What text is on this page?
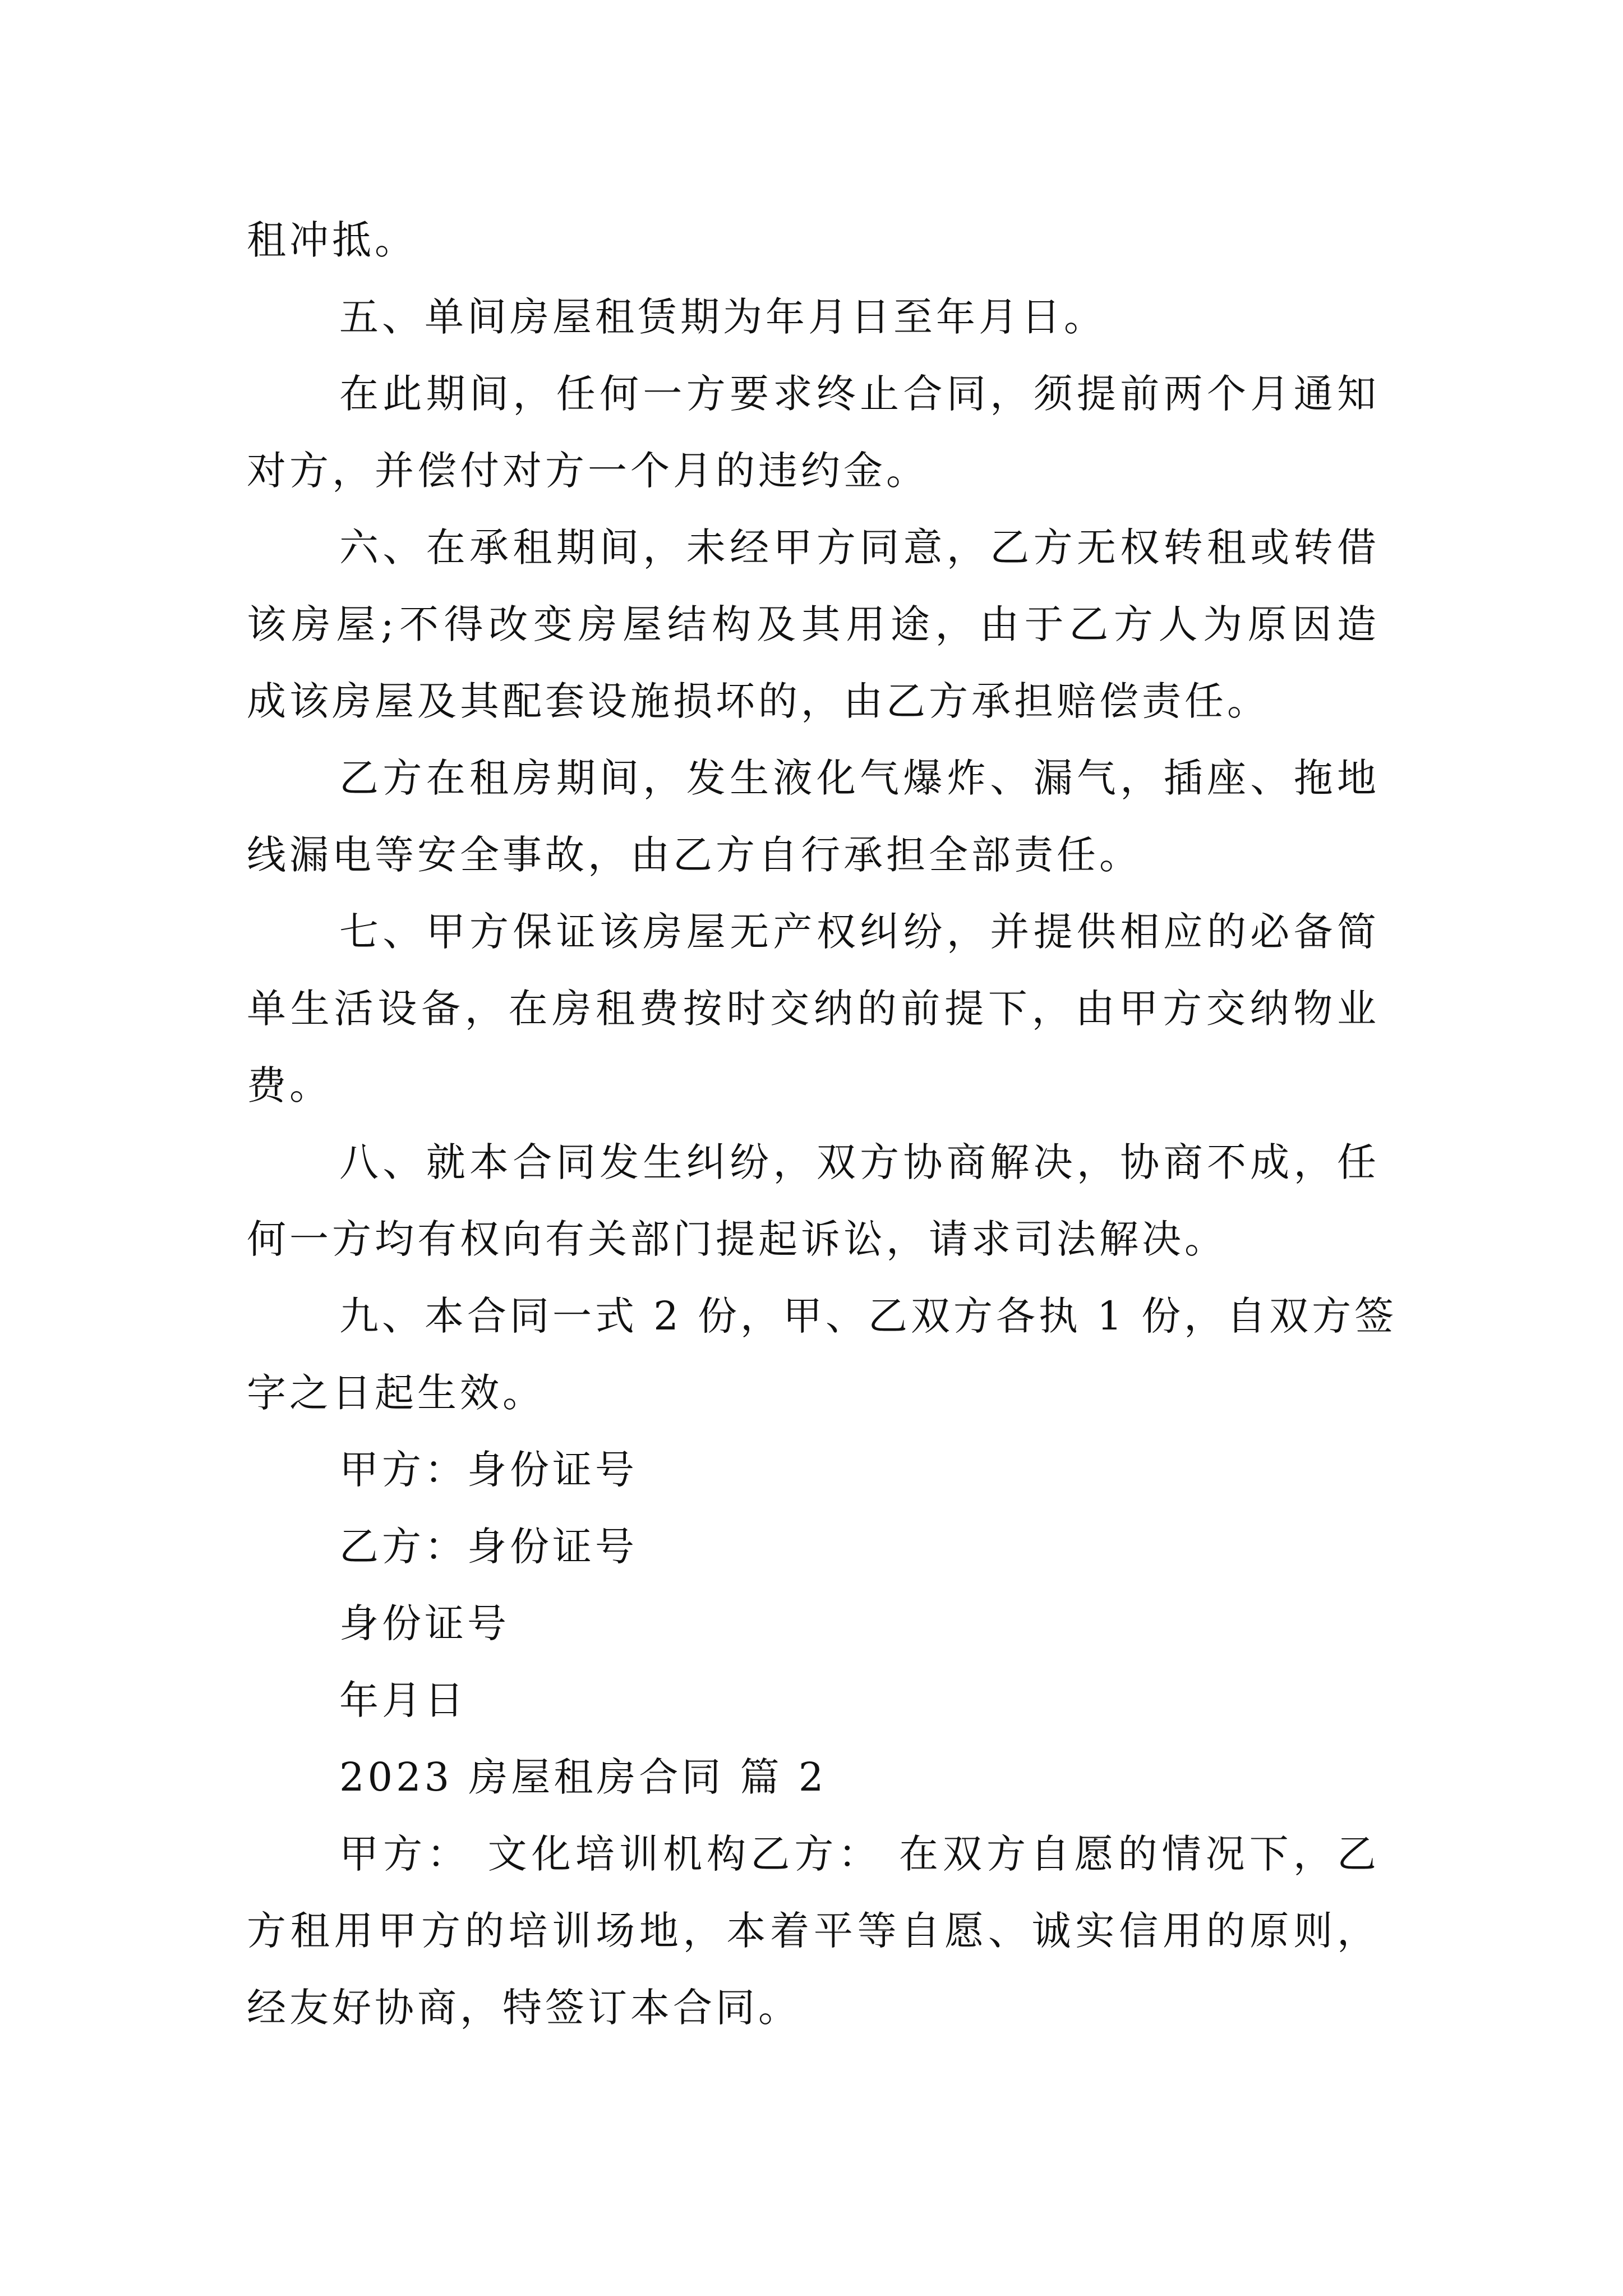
租冲抵。
五、单间房屋租赁期为年月日至年月日。
在此期间，任何一方要求终止合同，须提前两个月通知
对方，并偿付对方一个月的违约金。
六、在承租期间，未经甲方同意，乙方无权转租或转借
该房屋;不得改变房屋结构及其用途，由于乙方人为原因造
成该房屋及其配套设施损坏的，由乙方承担赔偿责任。
乙方在租房期间，发生液化气爆炸、漏气，插座、拖地
线漏电等安全事故，由乙方自行承担全部责任。
七、甲方保证该房屋无产权纠纷，并提供相应的必备简
单生活设备，在房租费按时交纳的前提下，由甲方交纳物业
费。
八、就本合同发生纠纷，双方协商解决，协商不成，任
何一方均有权向有关部门提起诉讼，请求司法解决。
九、本合同一式 2 份，甲、乙双方各执 1 份，自双方签
字之日起生效。
甲方：身份证号
乙方：身份证号
身份证号
年月日
2023 房屋租房合同 篇 2
甲方： 文化培训机构乙方： 在双方自愿的情况下，乙
方租用甲方的培训场地，本着平等自愿、诚实信用的原则，
经友好协商，特签订本合同。
